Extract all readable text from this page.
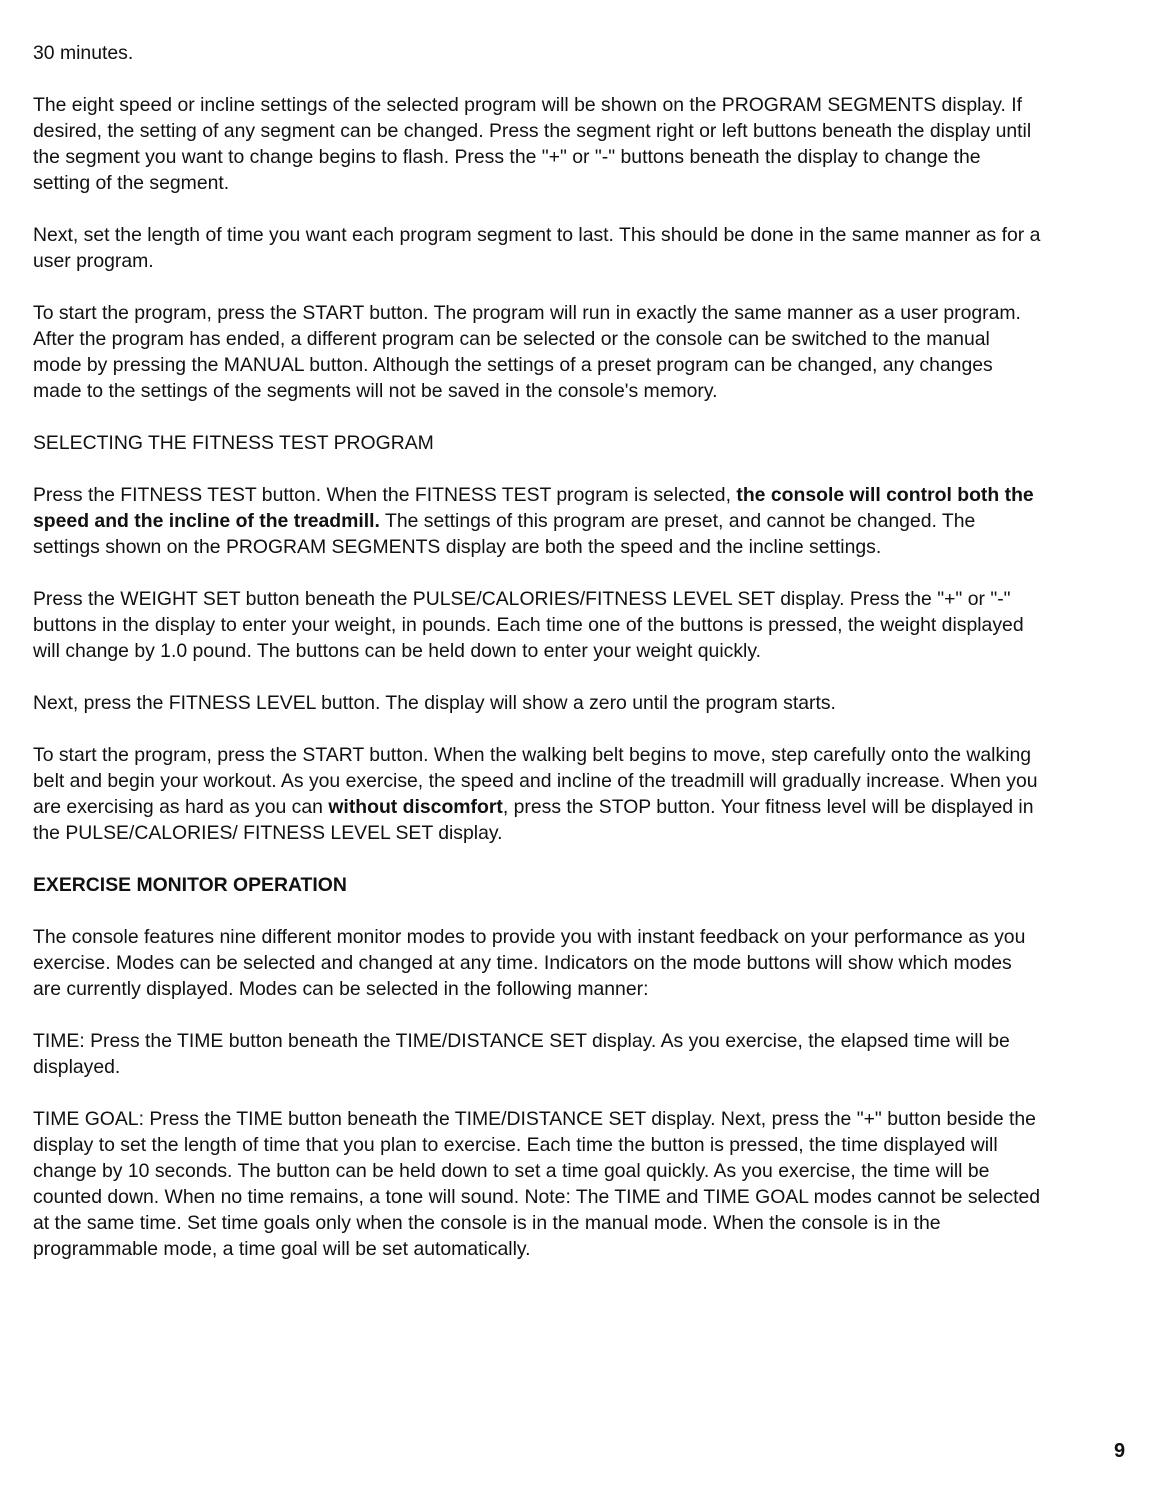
30 minutes.

The eight speed or incline settings of the selected program will be shown on the PROGRAM SEGMENTS display. If desired, the setting of any segment can be changed. Press the segment right or left buttons beneath the display until the segment you want to change begins to flash. Press the "+" or "-" buttons beneath the display to change the setting of the segment.

Next, set the length of time you want each program segment to last. This should be done in the same manner as for a user program.

To start the program, press the START button. The program will run in exactly the same manner as a user program. After the program has ended, a different program can be selected or the console can be switched to the manual mode by pressing the MANUAL button. Although the settings of a preset program can be changed, any changes made to the settings of the segments will not be saved in the console's memory.

SELECTING THE FITNESS TEST PROGRAM

Press the FITNESS TEST button. When the FITNESS TEST program is selected, the console will control both the speed and the incline of the treadmill. The settings of this program are preset, and cannot be changed. The settings shown on the PROGRAM SEGMENTS display are both the speed and the incline settings.

Press the WEIGHT SET button beneath the PULSE/CALORIES/FITNESS LEVEL SET display. Press the "+" or "-" buttons in the display to enter your weight, in pounds. Each time one of the buttons is pressed, the weight displayed will change by 1.0 pound. The buttons can be held down to enter your weight quickly.

Next, press the FITNESS LEVEL button. The display will show a zero until the program starts.

To start the program, press the START button. When the walking belt begins to move, step carefully onto the walking belt and begin your workout. As you exercise, the speed and incline of the treadmill will gradually increase. When you are exercising as hard as you can without discomfort, press the STOP button. Your fitness level will be displayed in the PULSE/CALORIES/ FITNESS LEVEL SET display.

EXERCISE MONITOR OPERATION

The console features nine different monitor modes to provide you with instant feedback on your performance as you exercise. Modes can be selected and changed at any time. Indicators on the mode buttons will show which modes are currently displayed. Modes can be selected in the following manner:

TIME: Press the TIME button beneath the TIME/DISTANCE SET display. As you exercise, the elapsed time will be displayed.

TIME GOAL: Press the TIME button beneath the TIME/DISTANCE SET display. Next, press the "+" button beside the display to set the length of time that you plan to exercise. Each time the button is pressed, the time displayed will change by 10 seconds. The button can be held down to set a time goal quickly. As you exercise, the time will be counted down. When no time remains, a tone will sound. Note: The TIME and TIME GOAL modes cannot be selected at the same time. Set time goals only when the console is in the manual mode. When the console is in the programmable mode, a time goal will be set automatically.

9
